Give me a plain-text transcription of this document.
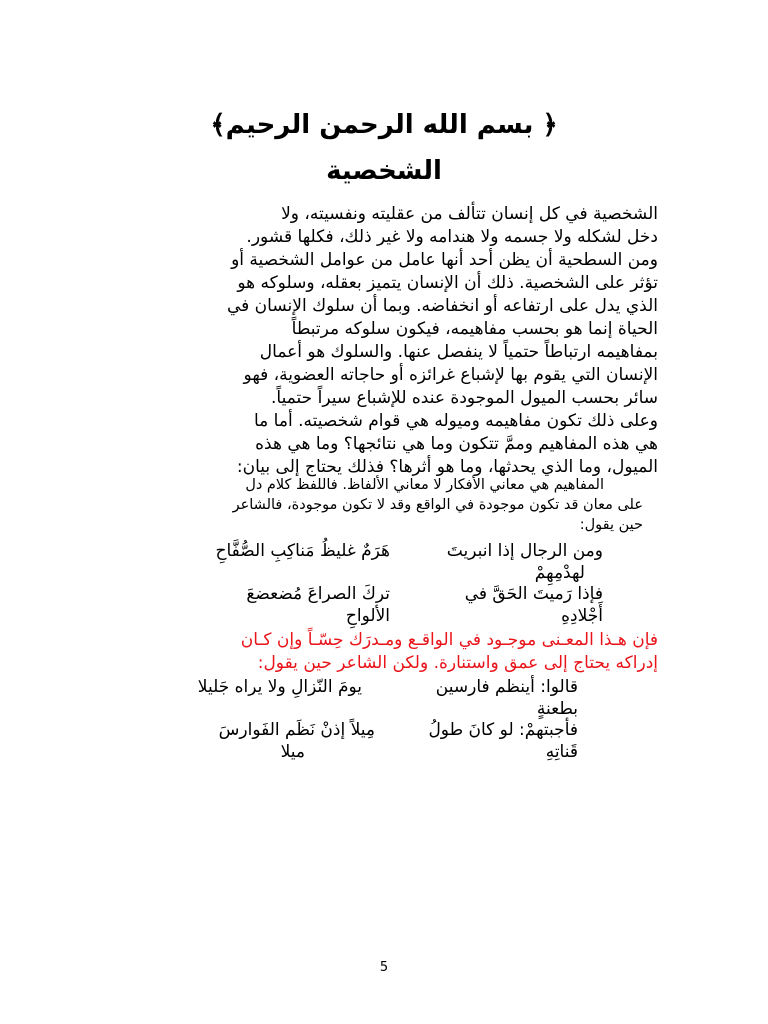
﴿ بسم الله الرحمن الرحيم﴾
الشخصية
الشخصية في كل إنسان تتألف من عقليته ونفسيته، ولا
دخل لشكله ولا جسمه ولا هندامه ولا غير ذلك، فكلها قشور.
ومن السطحية أن يظن أحد أنها عامل من عوامل الشخصية أو
تؤثر على الشخصية. ذلك أن الإنسان يتميز بعقله، وسلوكه هو
الذي يدل على ارتفاعه أو انخفاضه. وبما أن سلوك الإنسان في
الحياة إنما هو بحسب مفاهيمه، فيكون سلوكه مرتبطاً
بمفاهيمه ارتباطاً حتمياً لا ينفصل عنها. والسلوك هو أعمال
الإنسان التي يقوم بها لإشباع غرائزه أو حاجاته العضوية، فهو
سائر بحسب الميول الموجودة عنده للإشباع سيراً حتمياً.
وعلى ذلك تكون مفاهيمه وميوله هي قوام شخصيته. أما ما
هي هذه المفاهيم وممَّ تتكون وما هي نتائجها؟ وما هي هذه
الميول، وما الذي يحدثها، وما هو أثرها؟ فذلك يحتاج إلى بيان:
المفاهيم هي معاني الأفكار لا معاني الألفاظ. فاللفظ كلام دل
على معان قد تكون موجودة في الواقع وقد لا تكون موجودة، فالشاعر
حين يقول:
ومن الرجال إذا انبريتَ
لهدْمِهِمْ
هَرَمٌ غليظُ مَناكِبِ الصُّفَّاحِ
فإذا رَميتَ الحَقَّ في
أَجْلادِهِ
تركَ الصراعَ مُضعضعَ
الألواحِ
فإن هـذا المعـنى موجـود في الواقـع ومـدرَك حِسّـاً وإن كـان
إدراكه يحتاج إلى عمق واستنارة. ولكن الشاعر حين يقول:
قالوا: أينظم فارسين
بطعنةٍ
يومَ النّزالِ ولا يراه جَليلا
فأجبتهمْ: لو كانَ طولُ
قَناتِهِ
مِيلاً إذنْ نَظَم الفَوارسَ
ميلا
5
